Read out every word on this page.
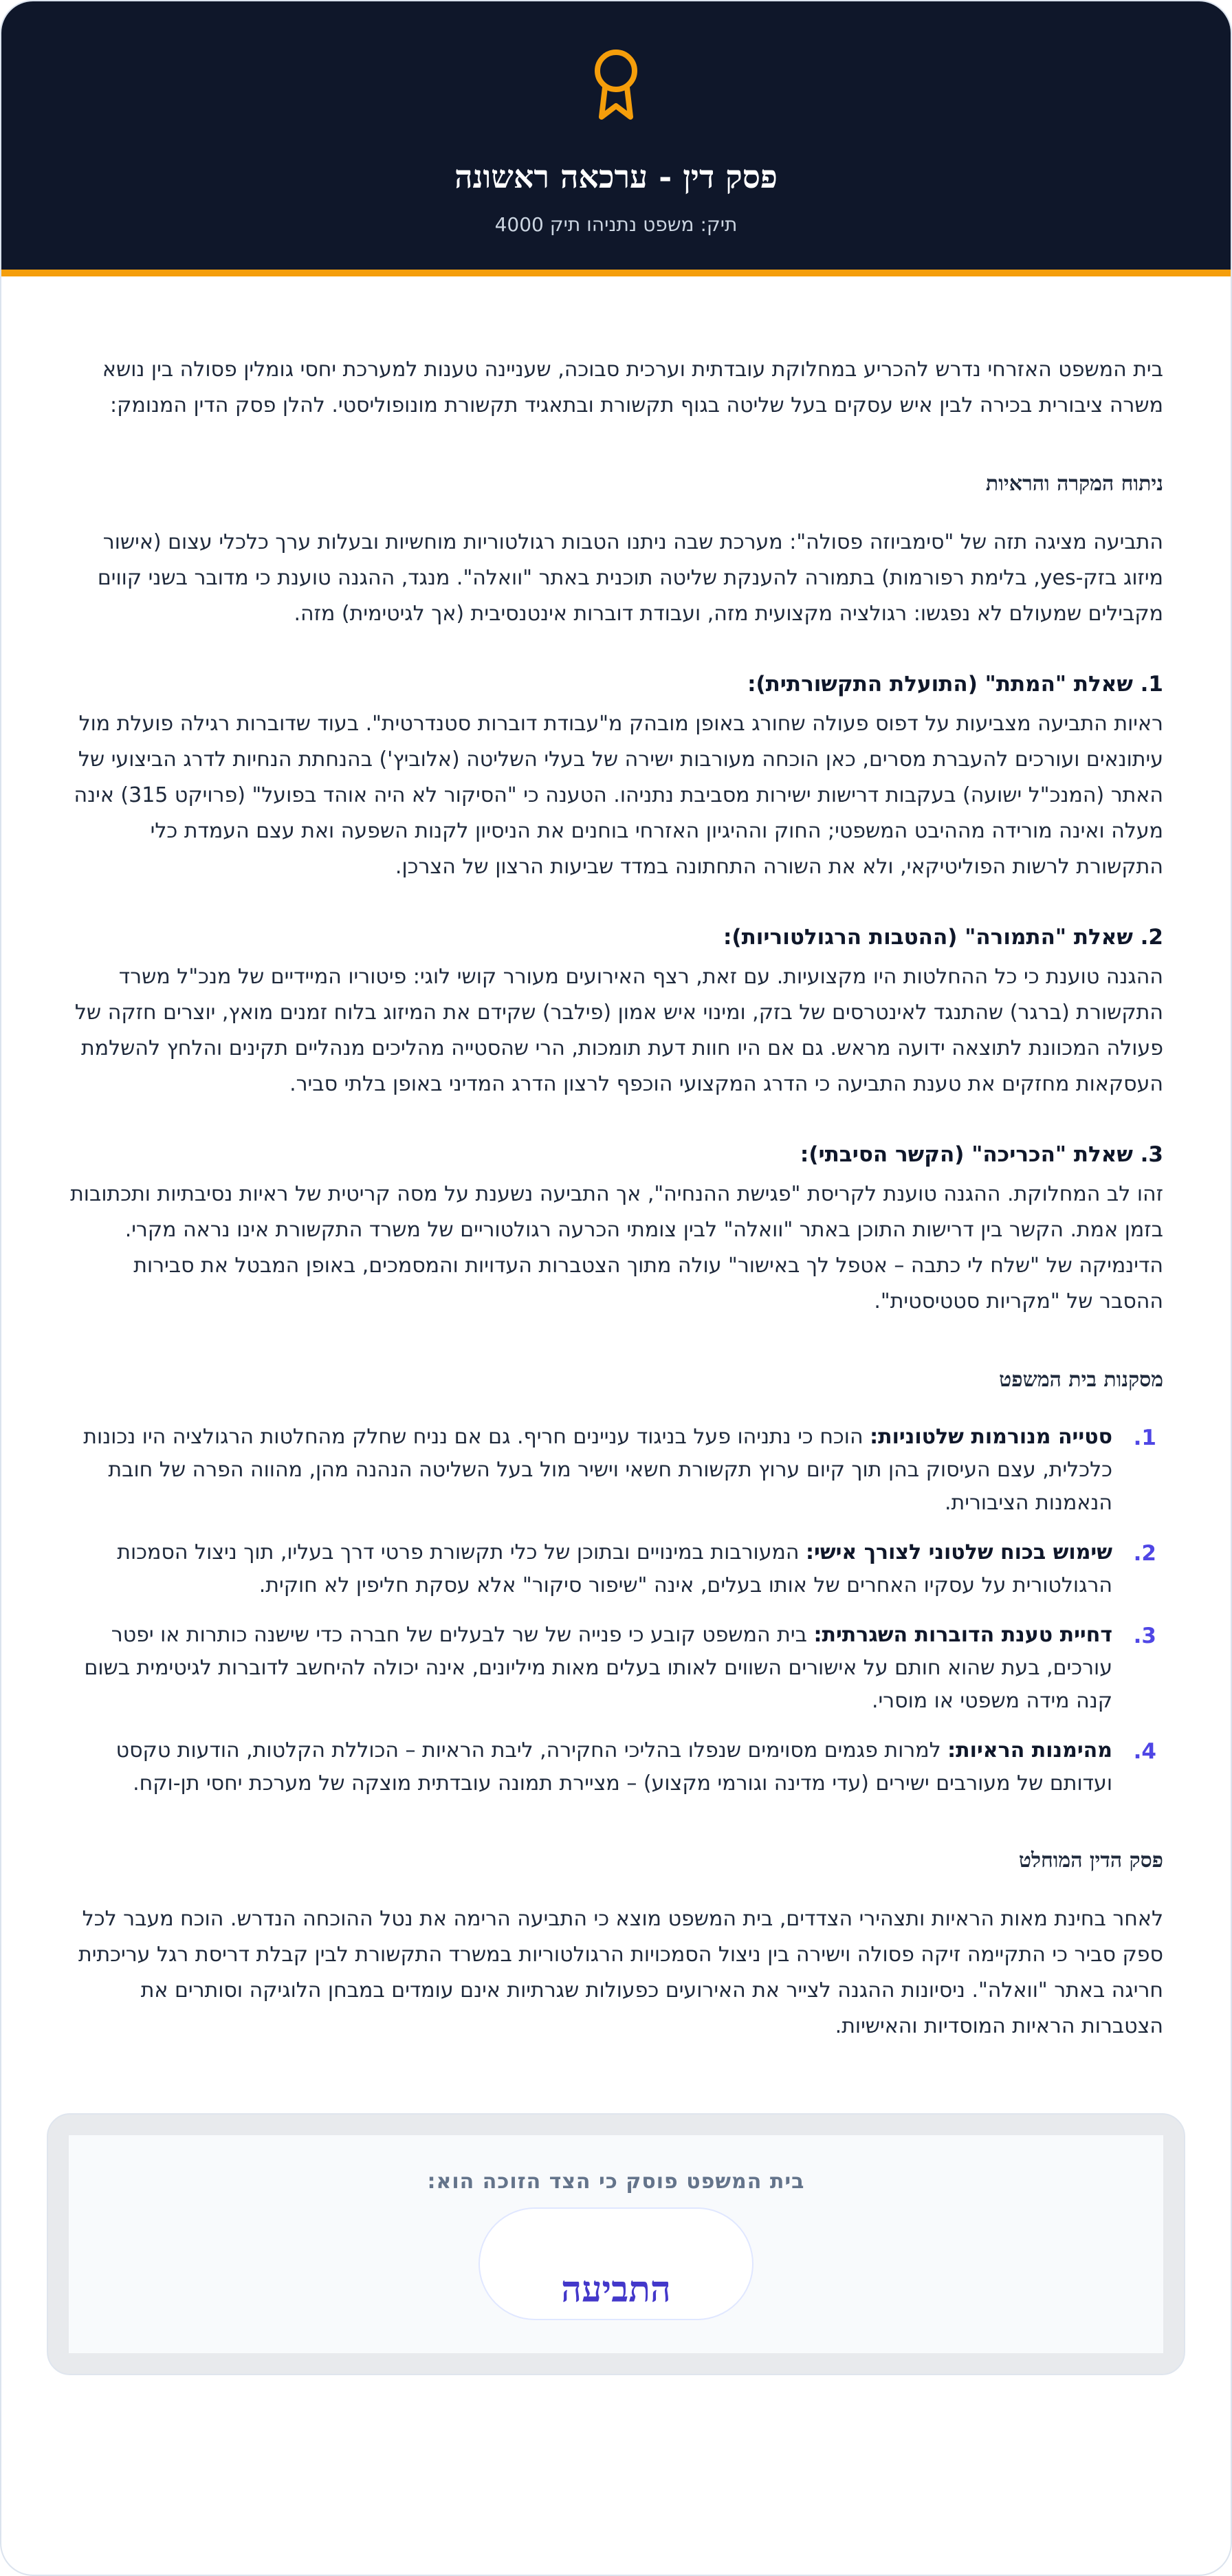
פסק דין - ערכאה ראשונה
תיק: משפט נתניהו תיק 4000

בית המשפט האזרחי נדרש להכריע במחלוקת עובדתית וערכית סבוכה, שעניינה טענות למערכת יחסי גומלין פסולה בין נושא משרה ציבורית בכירה לבין איש עסקים בעל שליטה בגוף תקשורת ובתאגיד תקשורת מונופוליסטי. להלן פסק הדין המנומק:

ניתוח המקרה והראיות

התביעה מציגה תזה של "סימביוזה פסולה": מערכת שבה ניתנו הטבות רגולטוריות מוחשיות ובעלות ערך כלכלי עצום (אישור מיזוג בזק-yes, בלימת רפורמות) בתמורה להענקת שליטה תוכנית באתר "וואלה". מנגד, ההגנה טוענת כי מדובר בשני קווים מקבילים שמעולם לא נפגשו: רגולציה מקצועית מזה, ועבודת דוברות אינטנסיבית (אך לגיטימית) מזה.

1. שאלת "המתת" (התועלת התקשורתית):

ראיות התביעה מצביעות על דפוס פעולה שחורג באופן מובהק מ"עבודת דוברות סטנדרטית". בעוד שדוברות רגילה פועלת מול עיתונאים ועורכים להעברת מסרים, כאן הוכחה מעורבות ישירה של בעלי השליטה (אלוביץ') בהנחתת הנחיות לדרג הביצועי של האתר (המנכ"ל ישועה) בעקבות דרישות ישירות מסביבת נתניהו. הטענה כי "הסיקור לא היה אוהד בפועל" (פרויקט 315) אינה מעלה ואינה מורידה מההיבט המשפטי; החוק וההיגיון האזרחי בוחנים את הניסיון לקנות השפעה ואת עצם העמדת כלי התקשורת לרשות הפוליטיקאי, ולא את השורה התחתונה במדד שביעות הרצון של הצרכן.

2. שאלת "התמורה" (ההטבות הרגולטוריות):

ההגנה טוענת כי כל ההחלטות היו מקצועיות. עם זאת, רצף האירועים מעורר קושי לוגי: פיטוריו המיידיים של מנכ"ל משרד התקשורת (ברגר) שהתנגד לאינטרסים של בזק, ומינוי איש אמון (פילבר) שקידם את המיזוג בלוח זמנים מואץ, יוצרים חזקה של פעולה המכוונת לתוצאה ידועה מראש. גם אם היו חוות דעת תומכות, הרי שהסטייה מהליכים מנהליים תקינים והלחץ להשלמת העסקאות מחזקים את טענת התביעה כי הדרג המקצועי הוכפף לרצון הדרג המדיני באופן בלתי סביר.

3. שאלת "הכריכה" (הקשר הסיבתי):

זהו לב המחלוקת. ההגנה טוענת לקריסת "פגישת ההנחיה", אך התביעה נשענת על מסה קריטית של ראיות נסיבתיות ותכתובות בזמן אמת. הקשר בין דרישות התוכן באתר "וואלה" לבין צומתי הכרעה רגולטוריים של משרד התקשורת אינו נראה מקרי. הדינמיקה של "שלח לי כתבה – אטפל לך באישור" עולה מתוך הצטברות העדויות והמסמכים, באופן המבטל את סבירות ההסבר של "מקריות סטטיסטית".

מסקנות בית המשפט
1.
סטייה מנורמות שלטוניות: הוכח כי נתניהו פעל בניגוד עניינים חריף. גם אם נניח שחלק מהחלטות הרגולציה היו נכונות כלכלית, עצם העיסוק בהן תוך קיום ערוץ תקשורת חשאי וישיר מול בעל השליטה הנהנה מהן, מהווה הפרה של חובת הנאמנות הציבורית.
2.
שימוש בכוח שלטוני לצורך אישי: המעורבות במינויים ובתוכן של כלי תקשורת פרטי דרך בעליו, תוך ניצול הסמכות הרגולטורית על עסקיו האחרים של אותו בעלים, אינה "שיפור סיקור" אלא עסקת חליפין לא חוקית.
3.
דחיית טענת הדוברות השגרתית: בית המשפט קובע כי פנייה של שר לבעלים של חברה כדי שישנה כותרות או יפטר עורכים, בעת שהוא חותם על אישורים השווים לאותו בעלים מאות מיליונים, אינה יכולה להיחשב לדוברות לגיטימית בשום קנה מידה משפטי או מוסרי.
4.
מהימנות הראיות: למרות פגמים מסוימים שנפלו בהליכי החקירה, ליבת הראיות – הכוללת הקלטות, הודעות טקסט ועדותם של מעורבים ישירים (עדי מדינה וגורמי מקצוע) – מציירת תמונה עובדתית מוצקה של מערכת יחסי תן-וקח.
פסק הדין המוחלט

לאחר בחינת מאות הראיות ותצהירי הצדדים, בית המשפט מוצא כי התביעה הרימה את נטל ההוכחה הנדרש. הוכח מעבר לכל ספק סביר כי התקיימה זיקה פסולה וישירה בין ניצול הסמכויות הרגולטוריות במשרד התקשורת לבין קבלת דריסת רגל עריכתית חריגה באתר "וואלה". ניסיונות ההגנה לצייר את האירועים כפעולות שגרתיות אינם עומדים במבחן הלוגיקה וסותרים את הצטברות הראיות המוסדיות והאישיות.

בית המשפט פוסק כי הצד הזוכה הוא:
התביעה
